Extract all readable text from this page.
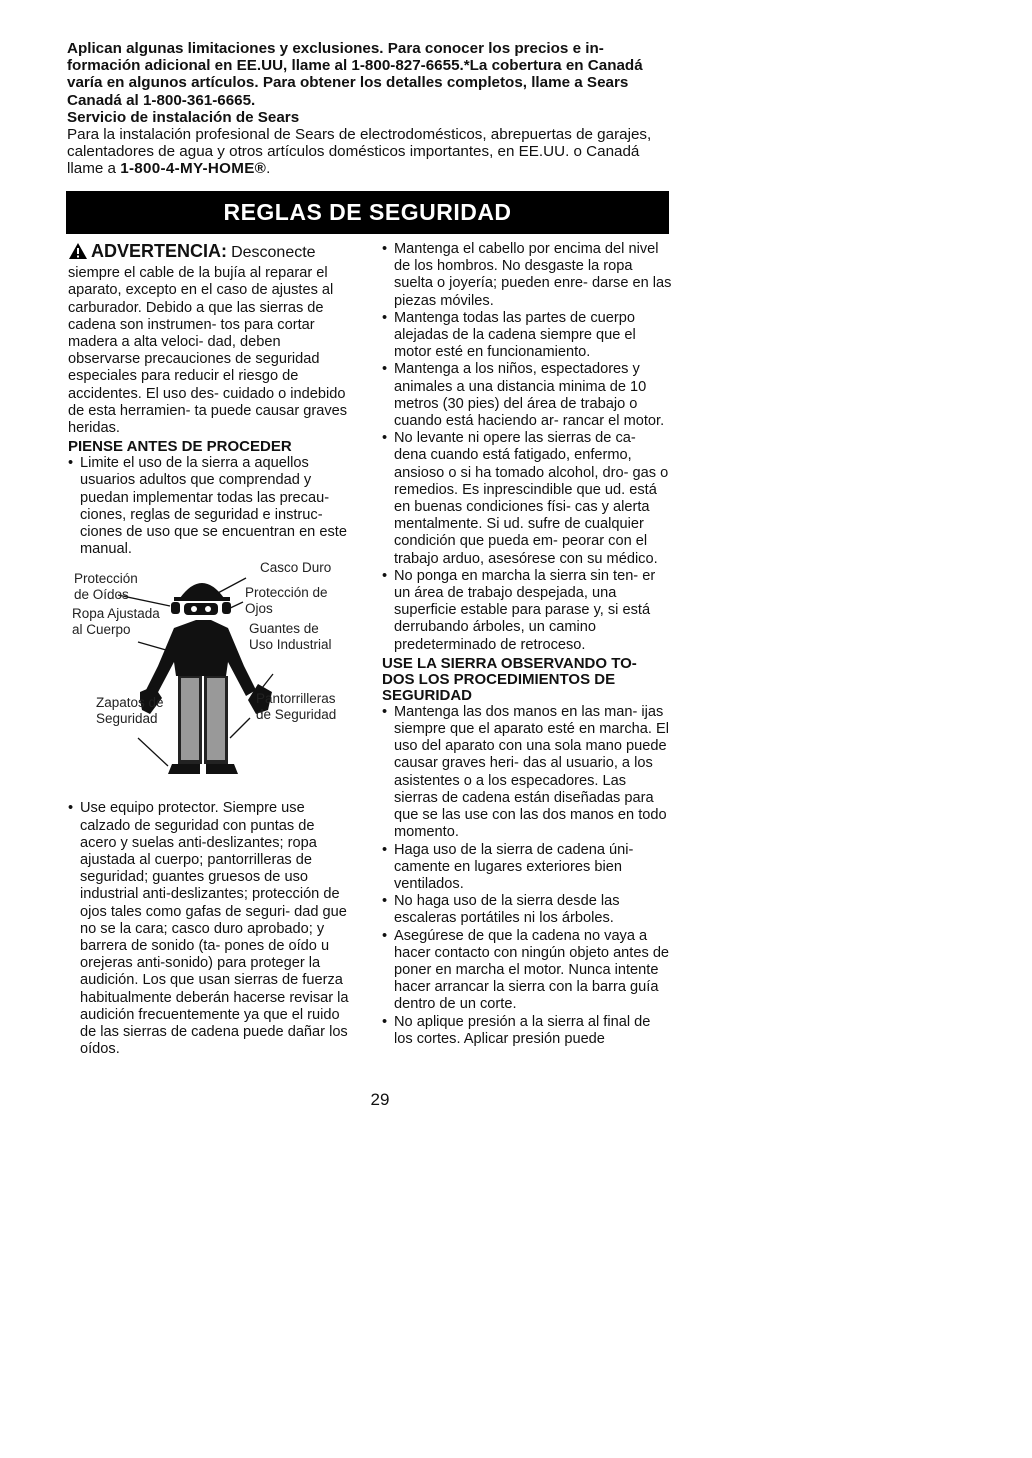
Aplican algunas limitaciones y exclusiones. Para conocer los precios e in- formación adicional en EE.UU, llame al 1-800-827-6655.*La cobertura en Canadá varía en algunos artículos. Para obtener los detalles completos, llame a Sears Canadá al 1-800-361-6665.
Servicio de instalación de Sears
Para la instalación profesional de Sears de electrodomésticos, abrepuertas de garajes, calentadores de agua y otros artículos domésticos importantes, en EE.UU. o Canadá llame a 1-800-4-MY-HOME®.
REGLAS DE SEGURIDAD
ADVERTENCIA: Desconecte siempre el cable de la bujía al reparar el aparato, excepto en el caso de ajustes al carburador. Debido a que las sierras de cadena son instrumen- tos para cortar madera a alta veloci- dad, deben observarse precauciones de seguridad especiales para reducir el riesgo de accidentes. El uso des- cuidado o indebido de esta herramien- ta puede causar graves heridas.
PIENSE ANTES DE PROCEDER
• Limite el uso de la sierra a aquellos usuarios adultos que comprendad y puedan implementar todas las precau- ciones, reglas de seguridad e instruc- ciones de uso que se encuentran en este manual.
Protección
de Oídos
Casco Duro
Protección de
Ojos
Ropa Ajustada
al Cuerpo	Guantes de
Uso Industrial
Zapatos de
Seguridad
Pantorrilleras
de Seguridad
• Use equipo protector. Siempre use calzado de seguridad con puntas de acero y suelas anti-deslizantes; ropa ajustada al cuerpo; pantorrilleras de seguridad; guantes gruesos de uso industrial anti-deslizantes; protección de ojos tales como gafas de seguri- dad gue no se la cara; casco duro aprobado; y barrera de sonido (ta- pones de oído u orejeras anti-sonido) para proteger la audición. Los que usan sierras de fuerza habitualmente deberán hacerse revisar la audición frecuentemente ya que el ruido de las sierras de cadena puede dañar los oídos.
• Mantenga el cabello por encima del nivel de los hombros. No desgaste la ropa suelta o joyería; pueden enre- darse en las piezas móviles.
• Mantenga todas las partes de cuerpo alejadas de la cadena siempre que el motor esté en funcionamiento.
• Mantenga a los niños, espectadores y animales a una distancia minima de 10 metros (30 pies) del área de trabajo o cuando está haciendo ar- rancar el motor.
• No levante ni opere las sierras de ca- dena cuando está fatigado, enfermo, ansioso o si ha tomado alcohol, dro- gas o remedios. Es inprescindible que ud. está en buenas condiciones físi- cas y alerta mentalmente. Si ud. sufre de cualquier condición que pueda em- peorar con el trabajo arduo, asesórese con su médico.
• No ponga en marcha la sierra sin ten- er un área de trabajo despejada, una superficie estable para parase y, si está derrubando árboles, un camino predeterminado de retroceso.
USE LA SIERRA OBSERVANDO TO- DOS LOS PROCEDIMIENTOS DE SEGURIDAD
• Mantenga las dos manos en las man- ijas siempre que el aparato esté en marcha. El uso del aparato con una sola mano puede causar graves heri- das al usuario, a los asistentes o a los especadores. Las sierras de cadena están diseñadas para que se las use con las dos manos en todo momento.
• Haga uso de la sierra de cadena úni- camente en lugares exteriores bien ventilados.
• No haga uso de la sierra desde las escaleras portátiles ni los árboles.
• Asegúrese de que la cadena no vaya a hacer contacto con ningún objeto antes de poner en marcha el motor. Nunca intente hacer arrancar la sierra con la barra guía dentro de un corte.
• No aplique presión a la sierra al final de los cortes. Aplicar presión puede
29
